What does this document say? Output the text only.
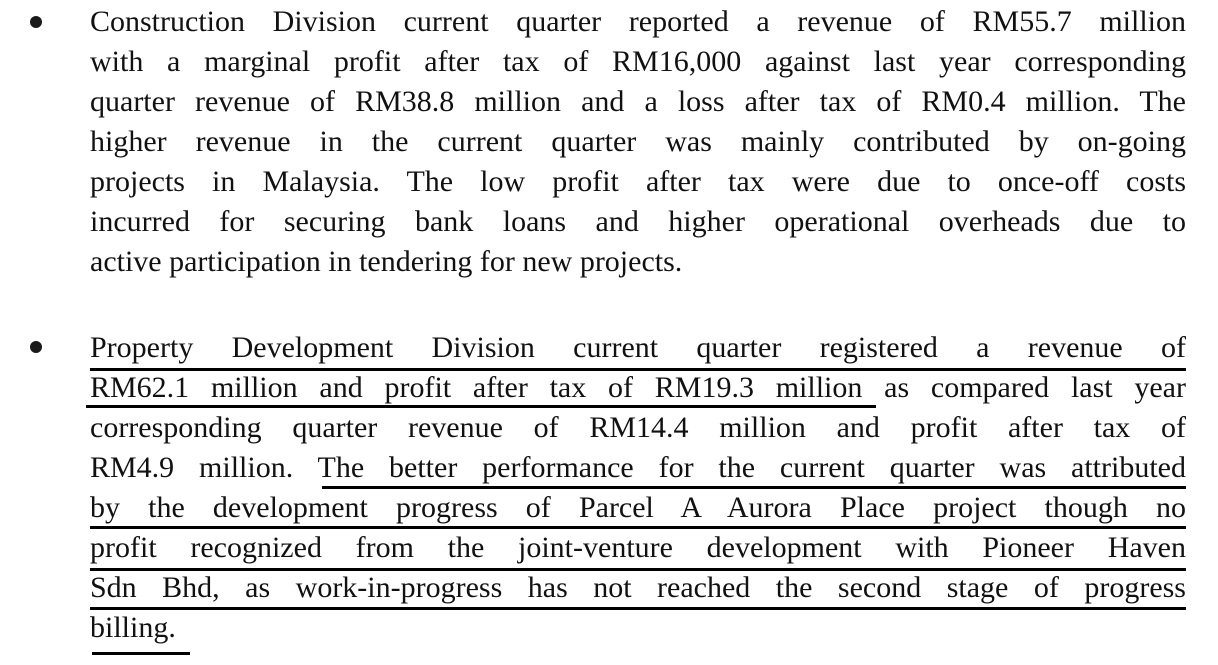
Construction Division current quarter reported a revenue of RM55.7 million
with a marginal profit after tax of RM16,000 against last year corresponding
quarter revenue of RM38.8 million and a loss after tax of RM0.4 million. The
higher revenue in the current quarter was mainly contributed by on-going
projects in Malaysia. The low profit after tax were due to once-off costs
incurred for securing bank loans and higher operational overheads due to
active participation in tendering for new projects.
Property Development Division current quarter registered a revenue of
RM62.1 million and profit after tax of RM19.3 million as compared last year
corresponding quarter revenue of RM14.4 million and profit after tax of
RM4.9 million. The better performance for the current quarter was attributed
by the development progress of Parcel A Aurora Place project though no
profit recognized from the joint-venture development with Pioneer Haven
Sdn Bhd, as work-in-progress has not reached the second stage of progress
billing.
